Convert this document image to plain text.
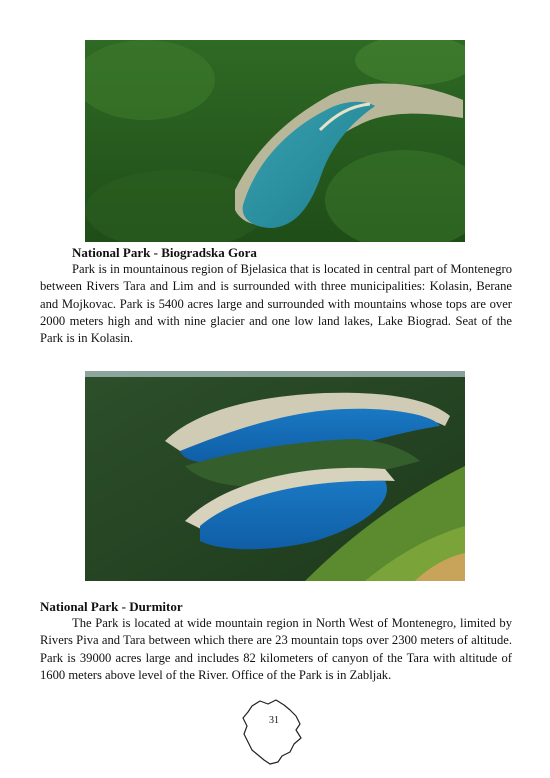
National Park - Biogradska Gora

Park is in mountainous region of Bjelasica that is located in central part of Montenegro between Rivers Tara and Lim and is surrounded with three municipalities: Kolasin, Berane and Mojkovac. Park is 5400 acres large and surrounded with mountains whose tops are over 2000 meters high and with nine glacier and one low land lakes, Lake Biograd. Seat of the Park is in Kolasin.

National Park - Durmitor

The Park is located at wide mountain region in North West of Montenegro, limited by Rivers Piva and Tara between which there are 23 mountain tops over 2300 meters of altitude. Park is 39000 acres large and includes 82 kilometers of canyon of the Tara with altitude of 1600 meters above level of the River. Office of the Park is in Zabljak.

31
